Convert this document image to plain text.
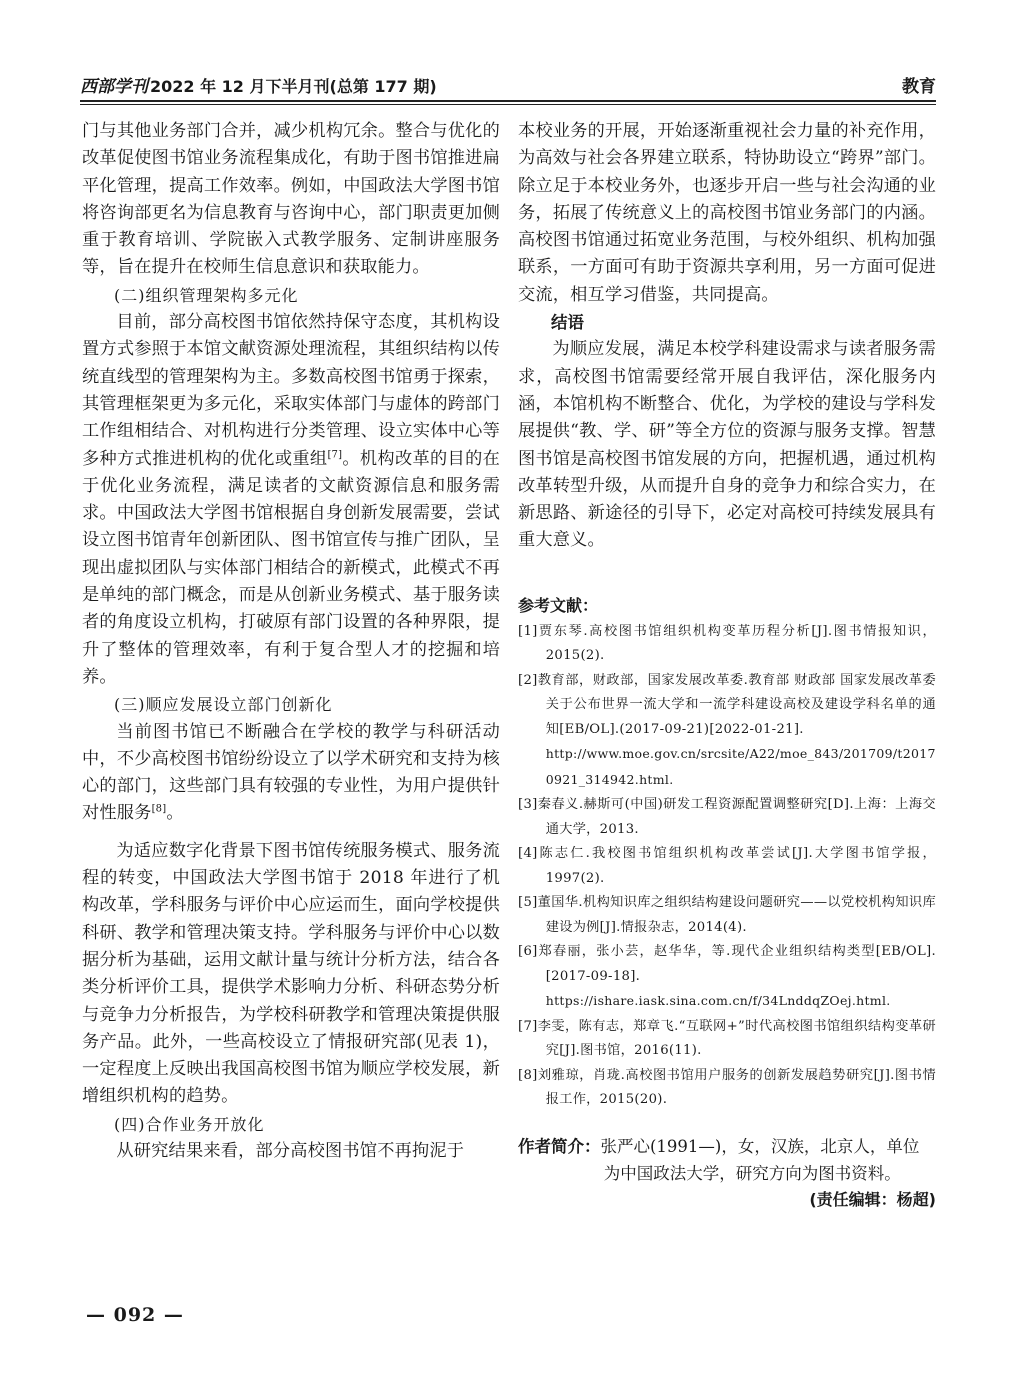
西部学刊 2022 年 12 月下半月刊(总第 177 期)	教育

门与其他业务部门合并，减少机构冗余。整合与优化的改革促使图书馆业务流程集成化，有助于图书馆推进扁平化管理，提高工作效率。例如，中国政法大学图书馆将咨询部更名为信息教育与咨询中心，部门职责更加侧重于教育培训、学院嵌入式教学服务、定制讲座服务等，旨在提升在校师生信息意识和获取能力。

(二)组织管理架构多元化

目前，部分高校图书馆依然持保守态度，其机构设置方式参照于本馆文献资源处理流程，其组织结构以传统直线型的管理架构为主。多数高校图书馆勇于探索，其管理框架更为多元化，采取实体部门与虚体的跨部门工作组相结合、对机构进行分类管理、设立实体中心等多种方式推进机构的优化或重组[7]。机构改革的目的在于优化业务流程，满足读者的文献资源信息和服务需求。中国政法大学图书馆根据自身创新发展需要，尝试设立图书馆青年创新团队、图书馆宣传与推广团队，呈现出虚拟团队与实体部门相结合的新模式，此模式不再是单纯的部门概念，而是从创新业务模式、基于服务读者的角度设立机构，打破原有部门设置的各种界限，提升了整体的管理效率，有利于复合型人才的挖掘和培养。

(三)顺应发展设立部门创新化

当前图书馆已不断融合在学校的教学与科研活动中，不少高校图书馆纷纷设立了以学术研究和支持为核心的部门，这些部门具有较强的专业性，为用户提供针对性服务[8]。

为适应数字化背景下图书馆传统服务模式、服务流程的转变，中国政法大学图书馆于 2018 年进行了机构改革，学科服务与评价中心应运而生，面向学校提供科研、教学和管理决策支持。学科服务与评价中心以数据分析为基础，运用文献计量与统计分析方法，结合各类分析评价工具，提供学术影响力分析、科研态势分析与竞争力分析报告，为学校科研教学和管理决策提供服务产品。此外，一些高校设立了情报研究部(见表 1)，一定程度上反映出我国高校图书馆为顺应学校发展，新增组织机构的趋势。

(四)合作业务开放化

从研究结果来看，部分高校图书馆不再拘泥于

本校业务的开展，开始逐渐重视社会力量的补充作用，为高效与社会各界建立联系，特协助设立“跨界”部门。除立足于本校业务外，也逐步开启一些与社会沟通的业务，拓展了传统意义上的高校图书馆业务部门的内涵。高校图书馆通过拓宽业务范围，与校外组织、机构加强联系，一方面可有助于资源共享利用，另一方面可促进交流，相互学习借鉴，共同提高。

结语

为顺应发展，满足本校学科建设需求与读者服务需求，高校图书馆需要经常开展自我评估，深化服务内涵，本馆机构不断整合、优化，为学校的建设与学科发展提供“教、学、研”等全方位的资源与服务支撑。智慧图书馆是高校图书馆发展的方向，把握机遇，通过机构改革转型升级，从而提升自身的竞争力和综合实力，在新思路、新途径的引导下，必定对高校可持续发展具有重大意义。

参考文献：

[1]贾东琴.高校图书馆组织机构变革历程分析[J].图书情报知识，2015(2).

[2]教育部，财政部，国家发展改革委.教育部 财政部 国家发展改革委 关于公布世界一流大学和一流学科建设高校及建设学科名单的通知[EB/OL].(2017-09-21)[2022-01-21].
http://www.moe.gov.cn/srcsite/A22/moe_843/201709/t20170921_314942.html.

[3]秦春义.赫斯可(中国)研发工程资源配置调整研究[D].上海：上海交通大学，2013.

[4]陈志仁.我校图书馆组织机构改革尝试[J].大学图书馆学报，1997(2).

[5]董国华.机构知识库之组织结构建设问题研究——以党校机构知识库建设为例[J].情报杂志，2014(4).

[6]郑春丽，张小芸，赵华华，等.现代企业组织结构类型[EB/OL].[2017-09-18].
https://ishare.iask.sina.com.cn/f/34LnddqZOej.html.

[7]李雯，陈有志，郑章飞.“互联网+”时代高校图书馆组织结构变革研究[J].图书馆，2016(11).

[8]刘雅琼，肖珑.高校图书馆用户服务的创新发展趋势研究[J].图书情报工作，2015(20).

作者简介：张严心(1991—)，女，汉族，北京人，单位

为中国政法大学，研究方向为图书资料。

(责任编辑：杨超)

— 092 —
